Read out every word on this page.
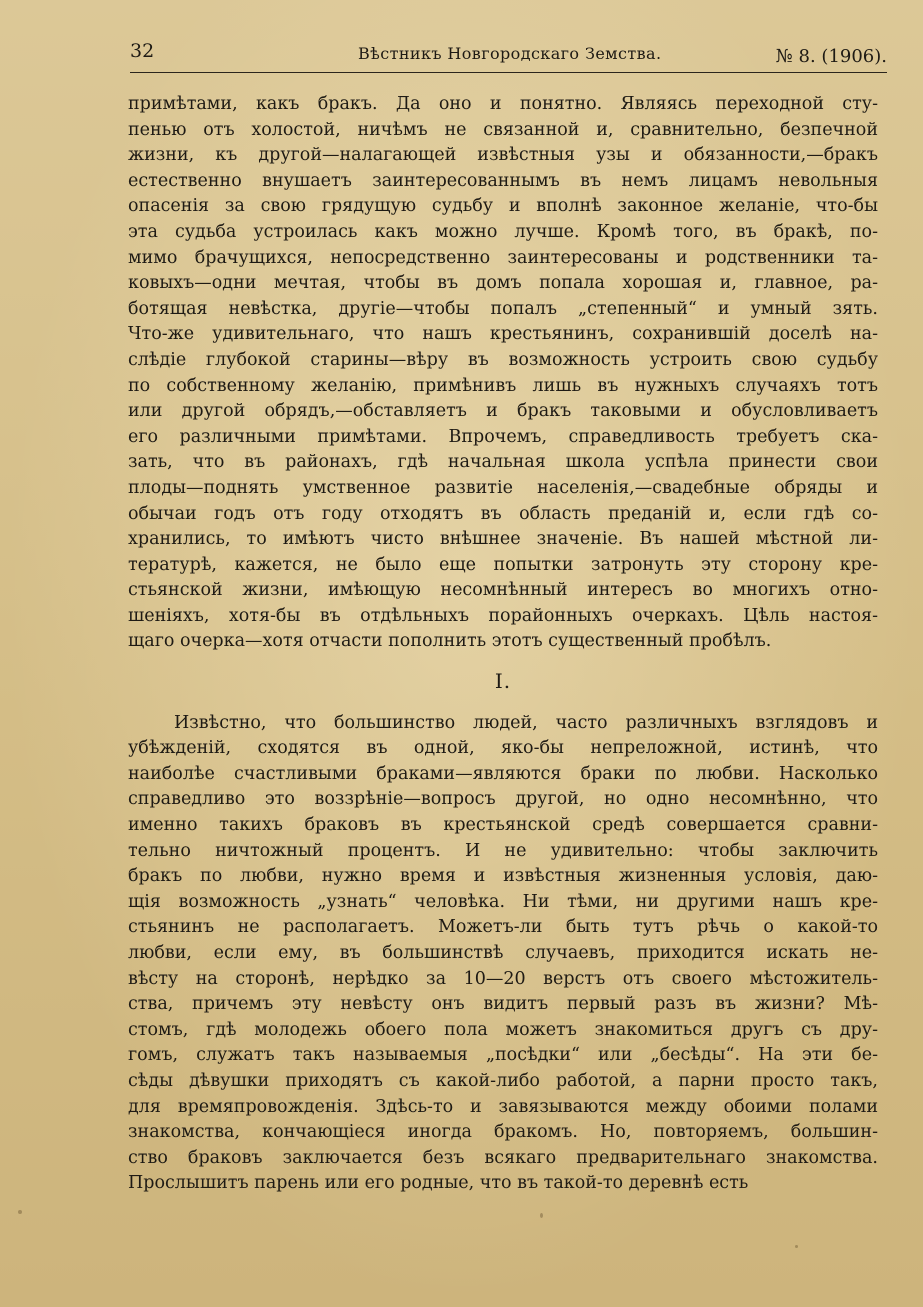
32	Вѣстникъ Новгородскаго Земства.	№ 8. (1906).
примѣтами, какъ бракъ. Да оно и понятно. Являясь переходной сту-
пенью отъ холостой, ничѣмъ не связанной и, сравнительно, безпечной
жизни, къ другой—налагающей извѣстныя узы и обязанности,—бракъ
естественно внушаетъ заинтересованнымъ въ немъ лицамъ невольныя
опасенія за свою грядущую судьбу и вполнѣ законное желаніе, что-бы
эта судьба устроилась какъ можно лучше. Кромѣ того, въ бракѣ, по-
мимо брачущихся, непосредственно заинтересованы и родственники та-
ковыхъ—одни мечтая, чтобы въ домъ попала хорошая и, главное, ра-
ботящая невѣстка, другіе—чтобы попалъ „степенный“ и умный зять.
Что-же удивительнаго, что нашъ крестьянинъ, сохранившій доселѣ на-
слѣдіе глубокой старины—вѣру въ возможность устроить свою судьбу
по собственному желанію, примѣнивъ лишь въ нужныхъ случаяхъ тотъ
или другой обрядъ,—обставляетъ и бракъ таковыми и обусловливаетъ
его различными примѣтами. Впрочемъ, справедливость требуетъ ска-
зать, что въ районахъ, гдѣ начальная школа успѣла принести свои
плоды—поднять умственное развитіе населенія,—свадебные обряды и
обычаи годъ отъ году отходятъ въ область преданій и, если гдѣ со-
хранились, то имѣютъ чисто внѣшнее значеніе. Въ нашей мѣстной ли-
тературѣ, кажется, не было еще попытки затронуть эту сторону кре-
стьянской жизни, имѣющую несомнѣнный интересъ во многихъ отно-
шеніяхъ, хотя-бы въ отдѣльныхъ порайонныхъ очеркахъ. Цѣль настоя-
щаго очерка—хотя отчасти пополнить этотъ существенный пробѣлъ.
I.
Извѣстно, что большинство людей, часто различныхъ взглядовъ и
убѣжденій, сходятся въ одной, яко-бы непреложной, истинѣ, что
наиболѣе счастливыми браками—являются браки по любви. Насколько
справедливо это воззрѣніе—вопросъ другой, но одно несомнѣнно, что
именно такихъ браковъ въ крестьянской средѣ совершается сравни-
тельно ничтожный процентъ. И не удивительно: чтобы заключить
бракъ по любви, нужно время и извѣстныя жизненныя условія, даю-
щія возможность „узнать“ человѣка. Ни тѣми, ни другими нашъ кре-
стьянинъ не располагаетъ. Можетъ-ли быть тутъ рѣчь о какой-то
любви, если ему, въ большинствѣ случаевъ, приходится искать не-
вѣсту на сторонѣ, нерѣдко за 10—20 верстъ отъ своего мѣстожитель-
ства, причемъ эту невѣсту онъ видитъ первый разъ въ жизни? Мѣ-
стомъ, гдѣ молодежь обоего пола можетъ знакомиться другъ съ дру-
гомъ, служатъ такъ называемыя „посѣдки“ или „бесѣды“. На эти бе-
сѣды дѣвушки приходятъ съ какой-либо работой, а парни просто такъ,
для времяпровожденія. Здѣсь-то и завязываются между обоими полами
знакомства, кончающіеся иногда бракомъ. Но, повторяемъ, большин-
ство браковъ заключается безъ всякаго предварительнаго знакомства.
Прослышитъ парень или его родные, что въ такой-то деревнѣ есть
